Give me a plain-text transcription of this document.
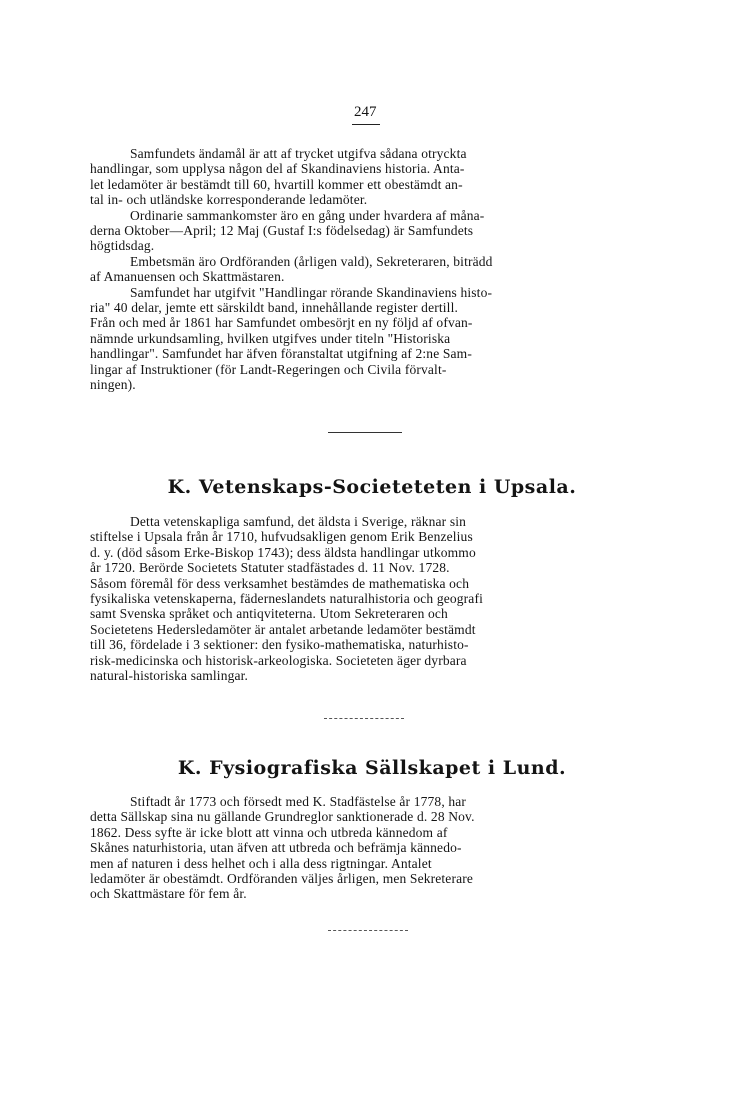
247
Samfundets ändamål är att af trycket utgifva sådana otryckta
handlingar, som upplysa någon del af Skandinaviens historia. Anta-
let ledamöter är bestämdt till 60, hvartill kommer ett obestämdt an-
tal in- och utländske korresponderande ledamöter.
Ordinarie sammankomster äro en gång under hvardera af måna-
derna Oktober—April; 12 Maj (Gustaf I:s födelsedag) är Samfundets
högtidsdag.
Embetsmän äro Ordföranden (årligen vald), Sekreteraren, biträdd
af Amanuensen och Skattmästaren.
Samfundet har utgifvit "Handlingar rörande Skandinaviens histo-
ria" 40 delar, jemte ett särskildt band, innehållande register dertill.
Från och med år 1861 har Samfundet ombesörjt en ny följd af ofvan-
nämnde urkundsamling, hvilken utgifves under titeln "Historiska
handlingar". Samfundet har äfven föranstaltat utgifning af 2:ne Sam-
lingar af Instruktioner (för Landt-Regeringen och Civila förvalt-
ningen).
K. Vetenskaps-Societeteten i Upsala.
Detta vetenskapliga samfund, det äldsta i Sverige, räknar sin
stiftelse i Upsala från år 1710, hufvudsakligen genom Erik Benzelius
d. y. (död såsom Erke-Biskop 1743); dess äldsta handlingar utkommo
år 1720. Berörde Societets Statuter stadfästades d. 11 Nov. 1728.
Såsom föremål för dess verksamhet bestämdes de mathematiska och
fysikaliska vetenskaperna, fäderneslandets naturalhistoria och geografi
samt Svenska språket och antiqviteterna. Utom Sekreteraren och
Societetens Hedersledamöter är antalet arbetande ledamöter bestämdt
till 36, fördelade i 3 sektioner: den fysiko-mathematiska, naturhisto-
risk-medicinska och historisk-arkeologiska. Societeten äger dyrbara
natural-historiska samlingar.
K. Fysiografiska Sällskapet i Lund.
Stiftadt år 1773 och försedt med K. Stadfästelse år 1778, har
detta Sällskap sina nu gällande Grundreglor sanktionerade d. 28 Nov.
1862. Dess syfte är icke blott att vinna och utbreda kännedom af
Skånes naturhistoria, utan äfven att utbreda och befrämja kännedo-
men af naturen i dess helhet och i alla dess rigtningar. Antalet
ledamöter är obestämdt. Ordföranden väljes årligen, men Sekreterare
och Skattmästare för fem år.
